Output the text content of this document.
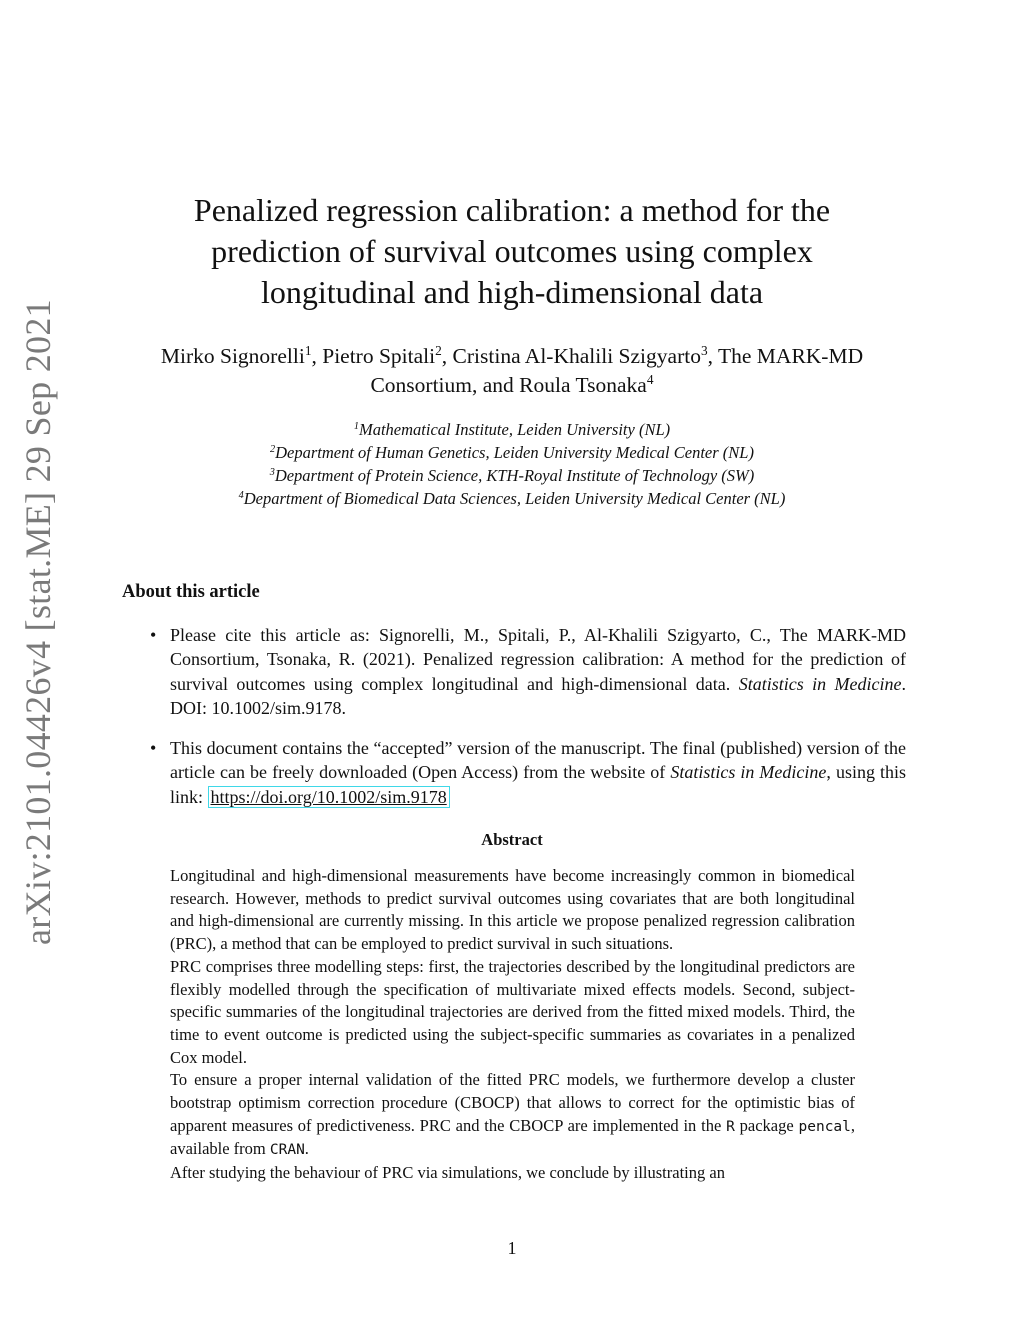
arXiv:2101.04426v4 [stat.ME] 29 Sep 2021
Penalized regression calibration: a method for the prediction of survival outcomes using complex longitudinal and high-dimensional data
Mirko Signorelli$^1$, Pietro Spitali$^2$, Cristina Al-Khalili Szigyarto$^3$, The MARK-MD Consortium, and Roula Tsonaka$^4$
$^1$Mathematical Institute, Leiden University (NL)
$^2$Department of Human Genetics, Leiden University Medical Center (NL)
$^3$Department of Protein Science, KTH-Royal Institute of Technology (SW)
$^4$Department of Biomedical Data Sciences, Leiden University Medical Center (NL)
About this article
• Please cite this article as: Signorelli, M., Spitali, P., Al-Khalili Szigyarto, C., The MARK-MD Consortium, Tsonaka, R. (2021). Penalized regression calibration: A method for the prediction of survival outcomes using complex longitudinal and high-dimensional data. Statistics in Medicine. DOI: 10.1002/sim.9178.
• This document contains the “accepted” version of the manuscript. The final (published) version of the article can be freely downloaded (Open Access) from the website of Statistics in Medicine, using this link: https://doi.org/10.1002/sim.9178
Abstract

Longitudinal and high-dimensional measurements have become increasingly common in biomedical research. However, methods to predict survival outcomes using covariates that are both longitudinal and high-dimensional are currently missing. In this article we propose penalized regression calibration (PRC), a method that can be employed to predict survival in such situations.

PRC comprises three modelling steps: first, the trajectories described by the longitudinal predictors are flexibly modelled through the specification of multivariate mixed effects models. Second, subject-specific summaries of the longitudinal trajectories are derived from the fitted mixed models. Third, the time to event outcome is predicted using the subject-specific summaries as covariates in a penalized Cox model.

To ensure a proper internal validation of the fitted PRC models, we furthermore develop a cluster bootstrap optimism correction procedure (CBOCP) that allows to correct for the optimistic bias of apparent measures of predictiveness. PRC and the CBOCP are implemented in the R package pencal, available from CRAN.

After studying the behaviour of PRC via simulations, we conclude by illustrating an

1
